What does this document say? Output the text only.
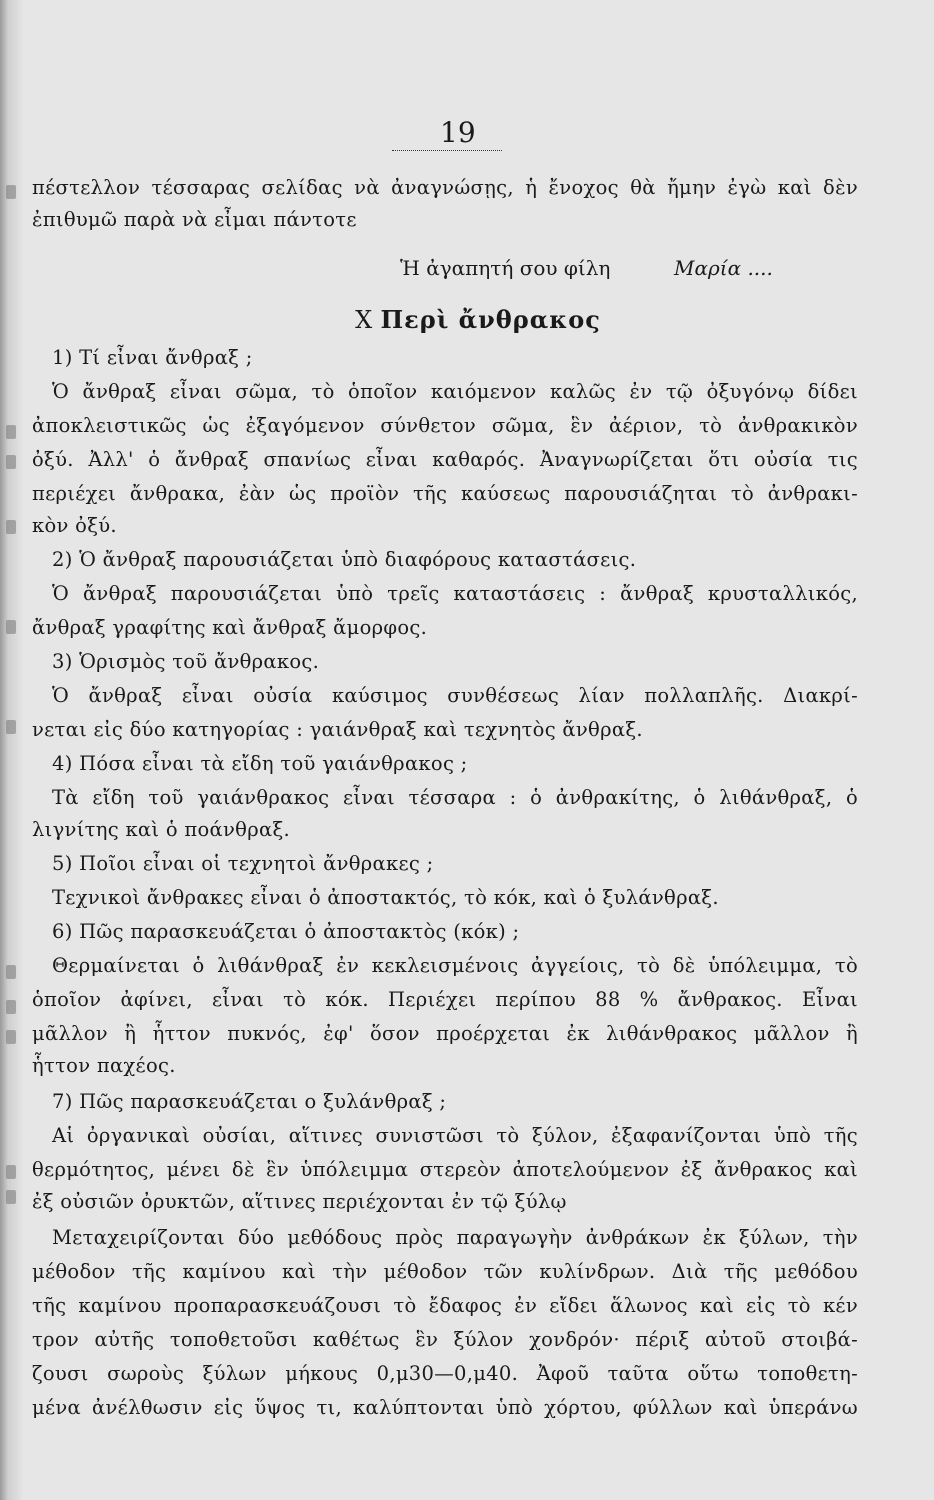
19
πέστελλον τέσσαρας σελίδας νὰ ἀναγνώσῃς, ἡ ἔνοχος θὰ ἤμην ἐγὼ καὶ δὲν
ἐπιθυμῶ παρὰ νὰ εἶμαι πάντοτε
Ἡ ἀγαπητή σου φίλη	Μαρία ....
Χ Περὶ ἄνθρακος
1) Τί εἶναι ἄνθραξ ;
Ὁ ἄνθραξ εἶναι σῶμα, τὸ ὁποῖον καιόμενον καλῶς ἐν τῷ ὀξυγόνῳ δίδει
ἀποκλειστικῶς ὡς ἐξαγόμενον σύνθετον σῶμα, ἓν ἀέριον, τὸ ἀνθρακικὸν
ὀξύ. Ἀλλ' ὁ ἄνθραξ σπανίως εἶναι καθαρός. Ἀναγνωρίζεται ὅτι οὐσία τις
περιέχει ἄνθρακα, ἐὰν ὡς προϊὸν τῆς καύσεως παρουσιάζηται τὸ ἀνθρακι-
κὸν ὀξύ.
2) Ὁ ἄνθραξ παρουσιάζεται ὑπὸ διαφόρους καταστάσεις.
Ὁ ἄνθραξ παρουσιάζεται ὑπὸ τρεῖς καταστάσεις : ἄνθραξ κρυσταλλικός,
ἄνθραξ γραφίτης καὶ ἄνθραξ ἄμορφος.
3) Ὁρισμὸς τοῦ ἄνθρακος.
Ὁ ἄνθραξ εἶναι οὐσία καύσιμος συνθέσεως λίαν πολλαπλῆς. Διακρί-
νεται εἰς δύο κατηγορίας : γαιάνθραξ καὶ τεχνητὸς ἄνθραξ.
4) Πόσα εἶναι τὰ εἴδη τοῦ γαιάνθρακος ;
Τὰ εἴδη τοῦ γαιάνθρακος εἶναι τέσσαρα : ὁ ἀνθρακίτης, ὁ λιθάνθραξ, ὁ
λιγνίτης καὶ ὁ ποάνθραξ.
5) Ποῖοι εἶναι οἱ τεχνητοὶ ἄνθρακες ;
Τεχνικοὶ ἄνθρακες εἶναι ὁ ἀποστακτός, τὸ κόκ, καὶ ὁ ξυλάνθραξ.
6) Πῶς παρασκευάζεται ὁ ἀποστακτὸς (κόκ) ;
Θερμαίνεται ὁ λιθάνθραξ ἐν κεκλεισμένοις ἀγγείοις, τὸ δὲ ὑπόλειμμα, τὸ
ὁποῖον ἀφίνει, εἶναι τὸ κόκ. Περιέχει περίπου 88 % ἄνθρακος. Εἶναι
μᾶλλον ἢ ἧττον πυκνός, ἐφ' ὅσον προέρχεται ἐκ λιθάνθρακος μᾶλλον ἢ
ἧττον παχέος.
7) Πῶς παρασκευάζεται ο ξυλάνθραξ ;
Αἱ ὀργανικαὶ οὐσίαι, αἵτινες συνιστῶσι τὸ ξύλον, ἐξαφανίζονται ὑπὸ τῆς
θερμότητος, μένει δὲ ἓν ὑπόλειμμα στερεὸν ἀποτελούμενον ἐξ ἄνθρακος καὶ
ἐξ οὐσιῶν ὀρυκτῶν, αἵτινες περιέχονται ἐν τῷ ξύλῳ
Μεταχειρίζονται δύο μεθόδους πρὸς παραγωγὴν ἀνθράκων ἐκ ξύλων, τὴν
μέθοδον τῆς καμίνου καὶ τὴν μέθοδον τῶν κυλίνδρων. Διὰ τῆς μεθόδου
τῆς καμίνου προπαρασκευάζουσι τὸ ἔδαφος ἐν εἴδει ἅλωνος καὶ εἰς τὸ κέν
τρον αὐτῆς τοποθετοῦσι καθέτως ἓν ξύλον χονδρόν· πέριξ αὐτοῦ στοιβά-
ζουσι σωροὺς ξύλων μήκους 0,μ30—0,μ40. Ἀφοῦ ταῦτα οὕτω τοποθετη-
μένα ἀνέλθωσιν εἰς ὕψος τι, καλύπτονται ὑπὸ χόρτου, φύλλων καὶ ὑπεράνω
